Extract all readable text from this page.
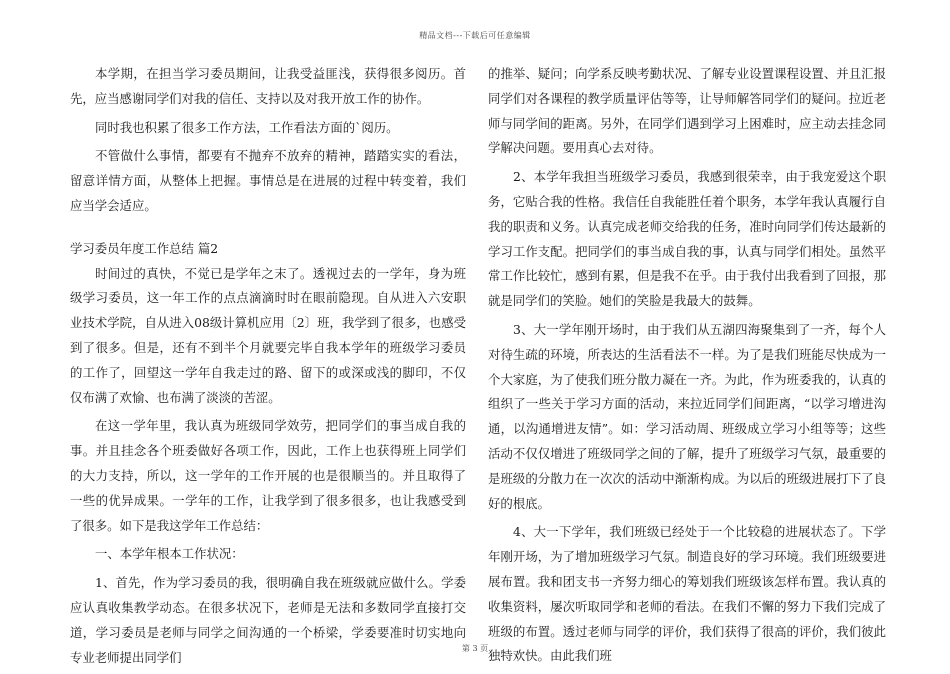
精品文档---下载后可任意编辑

本学期，在担当学习委员期间，让我受益匪浅，获得很多阅历。首先，应当感谢同学们对我的信任、支持以及对我开放工作的协作。

同时我也积累了很多工作方法，工作看法方面的`阅历。

不管做什么事情，都要有不抛弃不放弃的精神，踏踏实实的看法，留意详情方面，从整体上把握。事情总是在进展的过程中转变着，我们应当学会适应。

学习委员年度工作总结 篇2

时间过的真快，不觉已是学年之末了。透视过去的一学年，身为班级学习委员，这一年工作的点点滴滴时时在眼前隐现。自从进入六安职业技术学院，自从进入08级计算机应用〔2〕班，我学到了很多，也感受到了很多。但是，还有不到半个月就要完毕自我本学年的班级学习委员的工作了，回望这一学年自我走过的路、留下的或深或浅的脚印，不仅仅布满了欢愉、也布满了淡淡的苦涩。

在这一学年里，我认真为班级同学效劳，把同学们的事当成自我的事。并且挂念各个班委做好各项工作，因此，工作上也获得班上同学们的大力支持，所以，这一学年的工作开展的也是很顺当的。并且取得了一些的优异成果。一学年的工作，让我学到了很多很多，也让我感受到了很多。如下是我这学年工作总结：

一、本学年根本工作状况：

1、首先，作为学习委员的我，很明确自我在班级就应做什么。学委应认真收集教学动态。在很多状况下，老师是无法和多数同学直接打交道，学习委员是老师与同学之间沟通的一个桥梁，学委要准时切实地向专业老师提出同学们

的推举、疑问；向学系反映考勤状况、了解专业设置课程设置、并且汇报同学们对各课程的教学质量评估等等，让导师解答同学们的疑问。拉近老师与同学间的距离。另外，在同学们遇到学习上困难时，应主动去挂念同学解决问题。要用真心去对待。

2、本学年我担当班级学习委员，我感到很荣幸，由于我宠爱这个职务，它贴合我的性格。我信任自我能胜任着个职务，本学年我认真履行自我的职责和义务。认真完成老师交给我的任务，准时向同学们传达最新的学习工作支配。把同学们的事当成自我的事，认真与同学们相处。虽然平常工作比较忙，感到有累，但是我不在乎。由于我付出我看到了回报，那就是同学们的笑脸。她们的笑脸是我最大的鼓舞。

3、大一学年刚开场时，由于我们从五湖四海聚集到了一齐，每个人对待生疏的环境，所表达的生活看法不一样。为了是我们班能尽快成为一个大家庭，为了使我们班分散力凝在一齐。为此，作为班委我的，认真的组织了一些关于学习方面的活动，来拉近同学们间距离，“以学习增进沟通，以沟通增进友情”。如：学习活动周、班级成立学习小组等等；这些活动不仅仅增进了班级同学之间的了解，提升了班级学习气氛，最重要的是班级的分散力在一次次的活动中渐渐构成。为以后的班级进展打下了良好的根底。

4、大一下学年，我们班级已经处于一个比较稳的进展状态了。下学年刚开场，为了增加班级学习气氛。制造良好的学习环境。我们班级要进展布置。我和团支书一齐努力细心的筹划我们班级该怎样布置。我认真的收集资料，屡次听取同学和老师的看法。在我们不懈的努力下我们完成了班级的布置。透过老师与同学的评价，我们获得了很高的评价，我们彼此独特欢快。由此我们班

第 3 页
